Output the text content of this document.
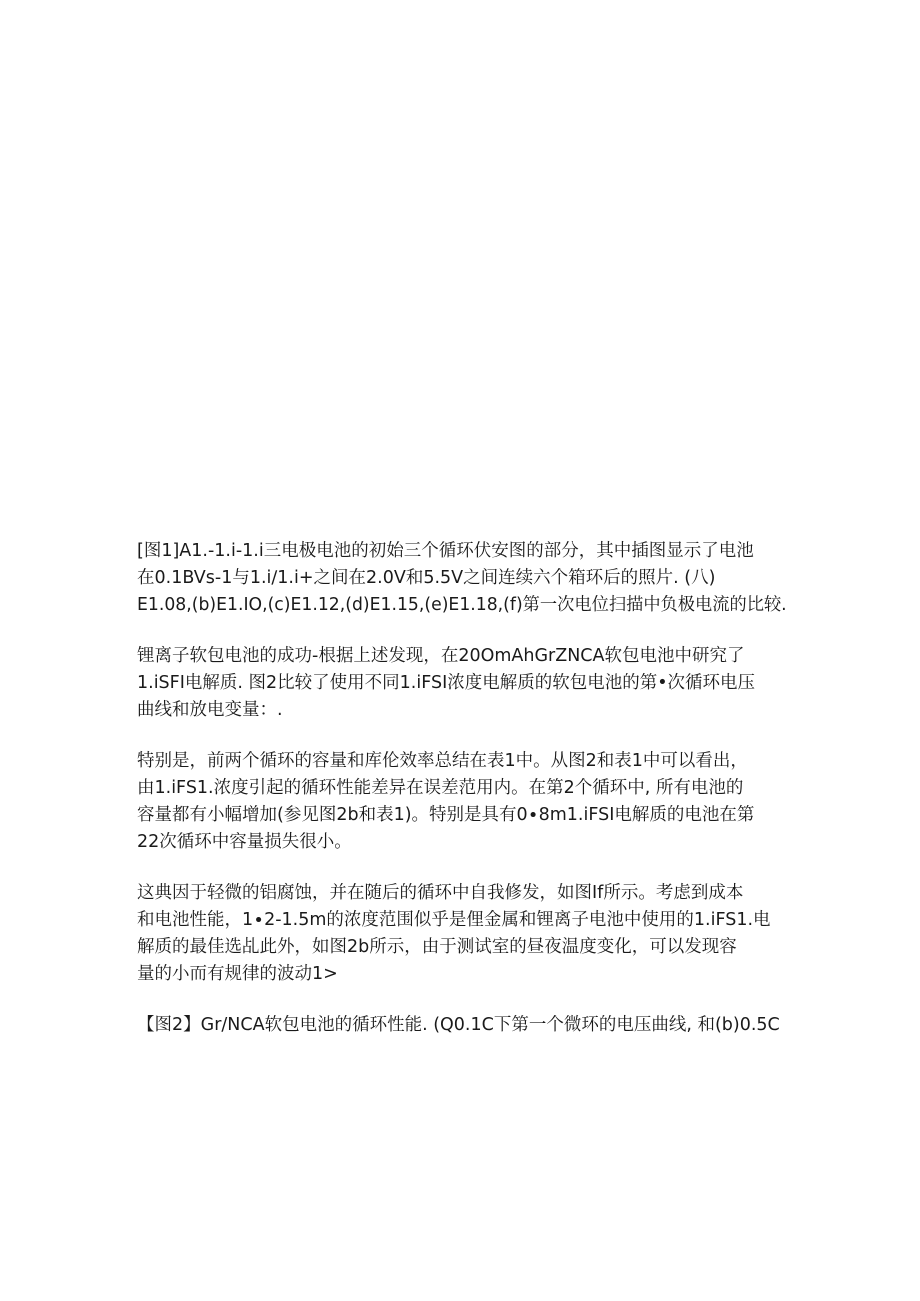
[图1]A1.-1.i-1.i三电极电池的初始三个循环伏安图的部分，其中插图显示了电池
在0.1BVs-1与1.i∕1.i+之间在2.0V和5.5V之间连续六个箱环后的照片. (八)
E1.08,(b)E1.IO,(c)E1.12,(d)E1.15,(e)E1.18,(f)第一次电位扫描中负极电流的比较.

锂离子软包电池的成功-根据上述发现，在20OmAhGrZNCA软包电池中研究了
1.iSFI电解质. 图2比较了使用不同1.iFSI浓度电解质的软包电池的第•次循环电压
曲线和放电变量：.

特别是，前两个循环的容量和库伦效率总结在表1中。从图2和表1中可以看出，
由1.iFS1.浓度引起的循环性能差异在误差范用内。在第2个循环中, 所有电池的
容量都有小幅增加(参见图2b和表1)。特别是具有0∙8m1.iFSI电解质的电池在第
22次循环中容量损失很小。

这典因于轻微的铝腐蚀，并在随后的循环中自我修发，如图If所示。考虑到成本
和电池性能，1∙2-1.5m的浓度范围似乎是俚金属和锂离子电池中使用的1.iFS1.电
解质的最佳选乩此外，如图2b所示，由于测试室的昼夜温度变化，可以发现容
量的小而有规律的波动1>

【图2】Gr/NCA软包电池的循环性能. (Q0.1C下第一个微环的电压曲线, 和(b)0.5C
